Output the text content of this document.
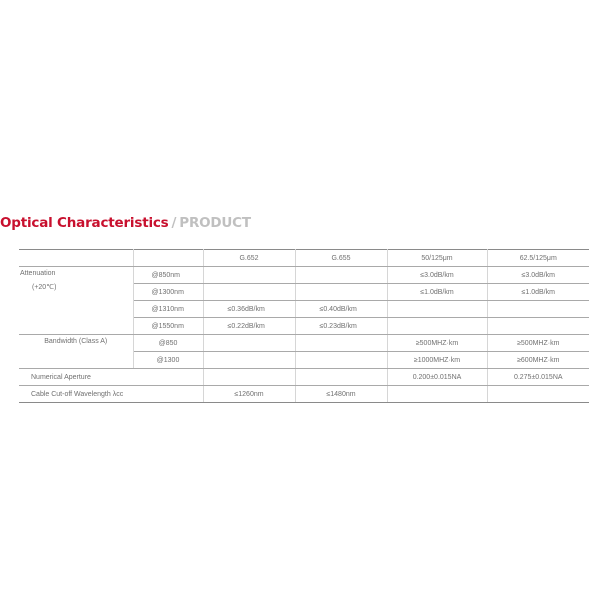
Optical Characteristics / PRODUCT
		G.652	G.655	50/125μm	62.5/125μm

Attenuation
(+20℃)	@850nm			≤3.0dB/km	≤3.0dB/km
	@1300nm			≤1.0dB/km	≤1.0dB/km
	@1310nm	≤0.36dB/km	≤0.40dB/km		
	@1550nm	≤0.22dB/km	≤0.23dB/km		
Bandwidth (Class A)	@850			≥500MHZ·km	≥500MHZ·km
	@1300			≥1000MHZ·km	≥600MHZ·km
Numerical Aperture				0.200±0.015NA	0.275±0.015NA
Cable Cut-off Wavelength λcc		≤1260nm	≤1480nm		
